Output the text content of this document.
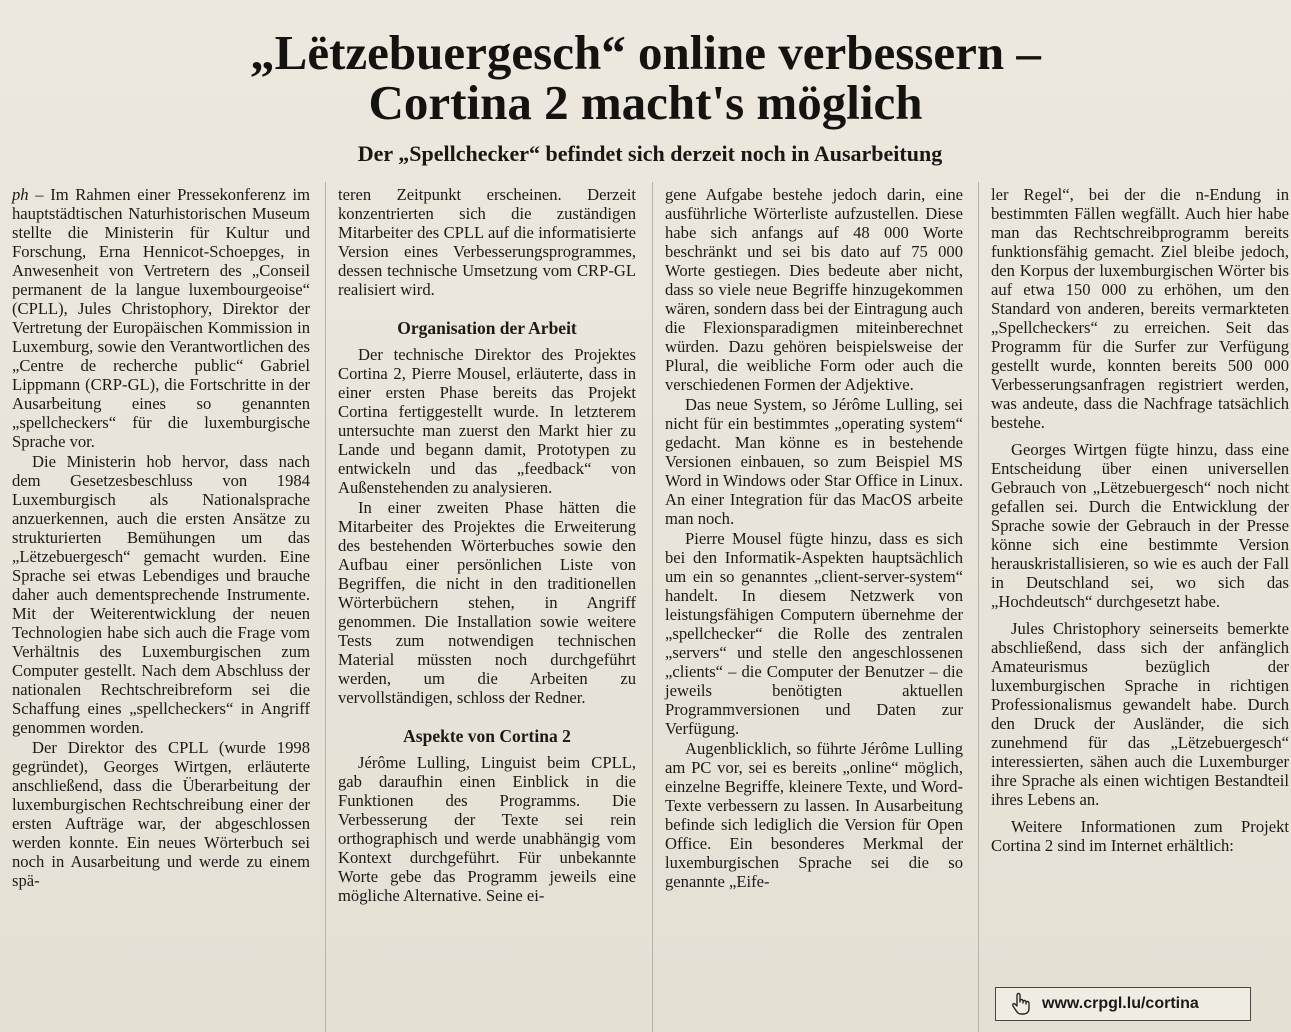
„Lëtzebuergesch“ online verbessern –
Cortina 2 macht's möglich
Der „Spellchecker“ befindet sich derzeit noch in Ausarbeitung

ph – Im Rahmen einer Pressekonferenz im hauptstädtischen Naturhistorischen Museum stellte die Ministerin für Kultur und Forschung, Erna Hennicot-Schoepges, in Anwesenheit von Vertretern des „Conseil permanent de la langue luxembourgeoise“ (CPLL), Jules Christophory, Direktor der Vertretung der Europäischen Kommission in Luxemburg, sowie den Verantwortlichen des „Centre de recherche public“ Gabriel Lippmann (CRP-GL), die Fortschritte in der Ausarbeitung eines so genannten „spellcheckers“ für die luxemburgische Sprache vor.

Die Ministerin hob hervor, dass nach dem Gesetzesbeschluss von 1984 Luxemburgisch als Nationalsprache anzuerkennen, auch die ersten Ansätze zu strukturierten Bemühungen um das „Lëtzebuergesch“ gemacht wurden. Eine Sprache sei etwas Lebendiges und brauche daher auch dementsprechende Instrumente. Mit der Weiterentwicklung der neuen Technologien habe sich auch die Frage vom Verhältnis des Luxemburgischen zum Computer gestellt. Nach dem Abschluss der nationalen Rechtschreibreform sei die Schaffung eines „spellcheckers“ in Angriff genommen worden.

Der Direktor des CPLL (wurde 1998 gegründet), Georges Wirtgen, erläuterte anschließend, dass die Überarbeitung der luxemburgischen Rechtschreibung einer der ersten Aufträge war, der abgeschlossen werden konnte. Ein neues Wörterbuch sei noch in Ausarbeitung und werde zu einem spä-

teren Zeitpunkt erscheinen. Derzeit konzentrierten sich die zuständigen Mitarbeiter des CPLL auf die informatisierte Version eines Verbesserungsprogrammes, dessen technische Umsetzung vom CRP-GL realisiert wird.

Organisation der Arbeit

Der technische Direktor des Projektes Cortina 2, Pierre Mousel, erläuterte, dass in einer ersten Phase bereits das Projekt Cortina fertiggestellt wurde. In letzterem untersuchte man zuerst den Markt hier zu Lande und begann damit, Prototypen zu entwickeln und das „feedback“ von Außenstehenden zu analysieren.

In einer zweiten Phase hätten die Mitarbeiter des Projektes die Erweiterung des bestehenden Wörterbuches sowie den Aufbau einer persönlichen Liste von Begriffen, die nicht in den traditionellen Wörterbüchern stehen, in Angriff genommen. Die Installation sowie weitere Tests zum notwendigen technischen Material müssten noch durchgeführt werden, um die Arbeiten zu vervollständigen, schloss der Redner.

Aspekte von Cortina 2

Jérôme Lulling, Linguist beim CPLL, gab daraufhin einen Einblick in die Funktionen des Programms. Die Verbesserung der Texte sei rein orthographisch und werde unabhängig vom Kontext durchgeführt. Für unbekannte Worte gebe das Programm jeweils eine mögliche Alternative. Seine ei-

gene Aufgabe bestehe jedoch darin, eine ausführliche Wörterliste aufzustellen. Diese habe sich anfangs auf 48 000 Worte beschränkt und sei bis dato auf 75 000 Worte gestiegen. Dies bedeute aber nicht, dass so viele neue Begriffe hinzugekommen wären, sondern dass bei der Eintragung auch die Flexionsparadigmen miteinberechnet würden. Dazu gehören beispielsweise der Plural, die weibliche Form oder auch die verschiedenen Formen der Adjektive.

Das neue System, so Jérôme Lulling, sei nicht für ein bestimmtes „operating system“ gedacht. Man könne es in bestehende Versionen einbauen, so zum Beispiel MS Word in Windows oder Star Office in Linux. An einer Integration für das MacOS arbeite man noch.

Pierre Mousel fügte hinzu, dass es sich bei den Informatik-Aspekten hauptsächlich um ein so genanntes „client-server-system“ handelt. In diesem Netzwerk von leistungsfähigen Computern übernehme der „spellchecker“ die Rolle des zentralen „servers“ und stelle den angeschlossenen „clients“ – die Computer der Benutzer – die jeweils benötigten aktuellen Programmversionen und Daten zur Verfügung.

Augenblicklich, so führte Jérôme Lulling am PC vor, sei es bereits „online“ möglich, einzelne Begriffe, kleinere Texte, und Word-Texte verbessern zu lassen. In Ausarbeitung befinde sich lediglich die Version für Open Office. Ein besonderes Merkmal der luxemburgischen Sprache sei die so genannte „Eife-

ler Regel“, bei der die n-Endung in bestimmten Fällen wegfällt. Auch hier habe man das Rechtschreibprogramm bereits funktionsfähig gemacht. Ziel bleibe jedoch, den Korpus der luxemburgischen Wörter bis auf etwa 150 000 zu erhöhen, um den Standard von anderen, bereits vermarkteten „Spellcheckers“ zu erreichen. Seit das Programm für die Surfer zur Verfügung gestellt wurde, konnten bereits 500 000 Verbesserungsanfragen registriert werden, was andeute, dass die Nachfrage tatsächlich bestehe.

Georges Wirtgen fügte hinzu, dass eine Entscheidung über einen universellen Gebrauch von „Lëtzebuergesch“ noch nicht gefallen sei. Durch die Entwicklung der Sprache sowie der Gebrauch in der Presse könne sich eine bestimmte Version herauskristallisieren, so wie es auch der Fall in Deutschland sei, wo sich das „Hochdeutsch“ durchgesetzt habe.

Jules Christophory seinerseits bemerkte abschließend, dass sich der anfänglich Amateurismus bezüglich der luxemburgischen Sprache in richtigen Professionalismus gewandelt habe. Durch den Druck der Ausländer, die sich zunehmend für das „Lëtzebuergesch“ interessierten, sähen auch die Luxemburger ihre Sprache als einen wichtigen Bestandteil ihres Lebens an.

Weitere Informationen zum Projekt Cortina 2 sind im Internet erhältlich:

www.crpgl.lu/cortina
